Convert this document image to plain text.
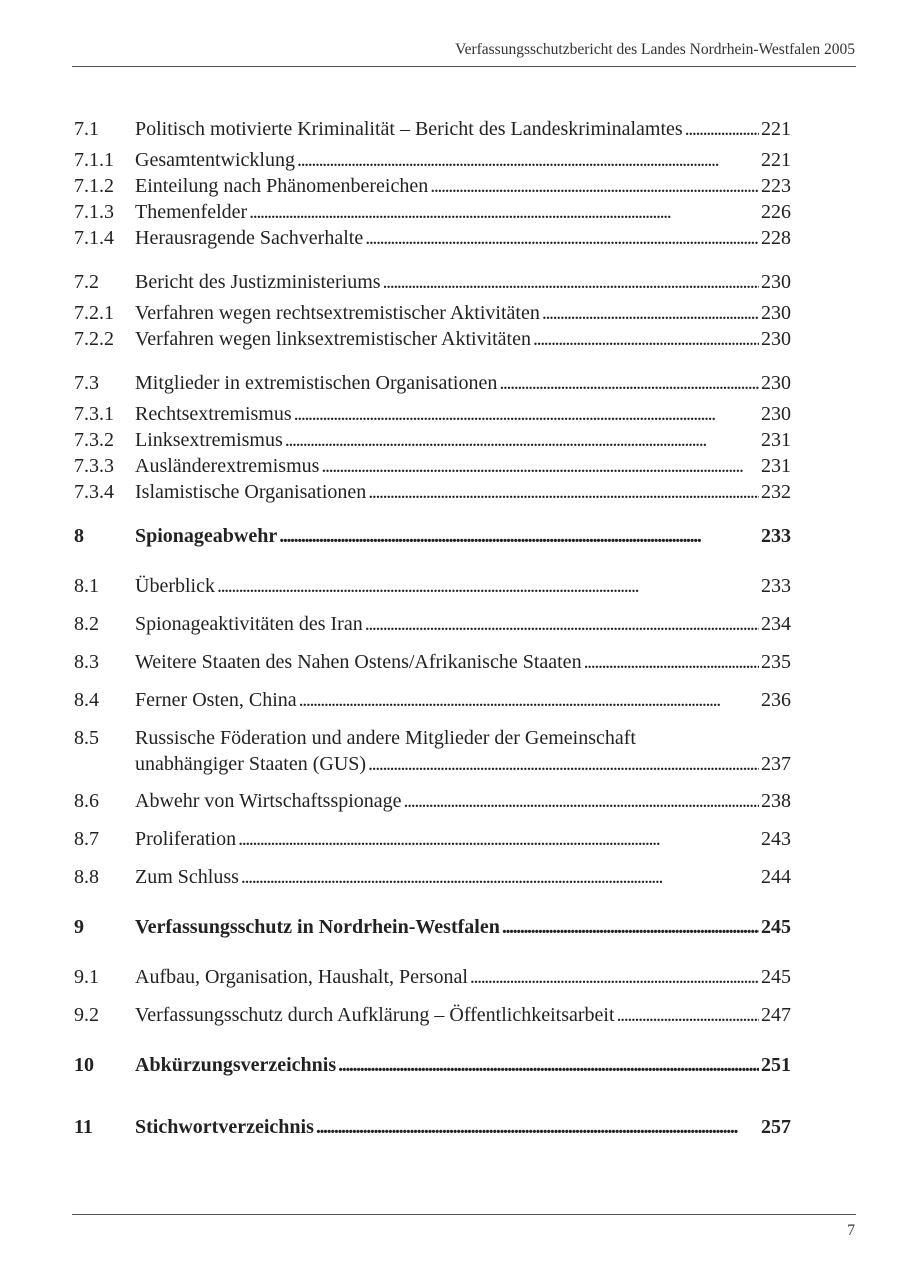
Verfassungsschutzbericht des Landes Nordrhein-Westfalen 2005
7.1 Politisch motivierte Kriminalität – Bericht des Landeskriminalamtes . . .	221
7.1.1 Gesamtentwicklung . . .	221
7.1.2 Einteilung nach Phänomenbereichen . . .	223
7.1.3 Themenfelder . . .	226
7.1.4 Herausragende Sachverhalte . . .	228
7.2 Bericht des Justizministeriums . . .	230
7.2.1 Verfahren wegen rechtsextremistischer Aktivitäten . . .	230
7.2.2 Verfahren wegen linksextremistischer Aktivitäten . . .	230
7.3 Mitglieder in extremistischen Organisationen . . .	230
7.3.1 Rechtsextremismus . . .	230
7.3.2 Linksextremismus . . .	231
7.3.3 Ausländerextremismus . . .	231
7.3.4 Islamistische Organisationen . . .	232
8	Spionageabwehr . . .	233
8.1 Überblick . . .	233
8.2 Spionageaktivitäten des Iran . . .	234
8.3 Weitere Staaten des Nahen Ostens/Afrikanische Staaten . . .	235
8.4 Ferner Osten, China . . .	236
8.5 Russische Föderation und andere Mitglieder der Gemeinschaft
unabhängiger Staaten (GUS) . . .	237
8.6 Abwehr von Wirtschaftsspionage . . .	238
8.7 Proliferation . . .	243
8.8 Zum Schluss . . .	244
9	Verfassungsschutz in Nordrhein-Westfalen . . .	245
9.1 Aufbau, Organisation, Haushalt, Personal . . .	245
9.2 Verfassungsschutz durch Aufklärung – Öffentlichkeitsarbeit . . .	247
10 Abkürzungsverzeichnis . . .	251
11 Stichwortverzeichnis . . .	257
7
